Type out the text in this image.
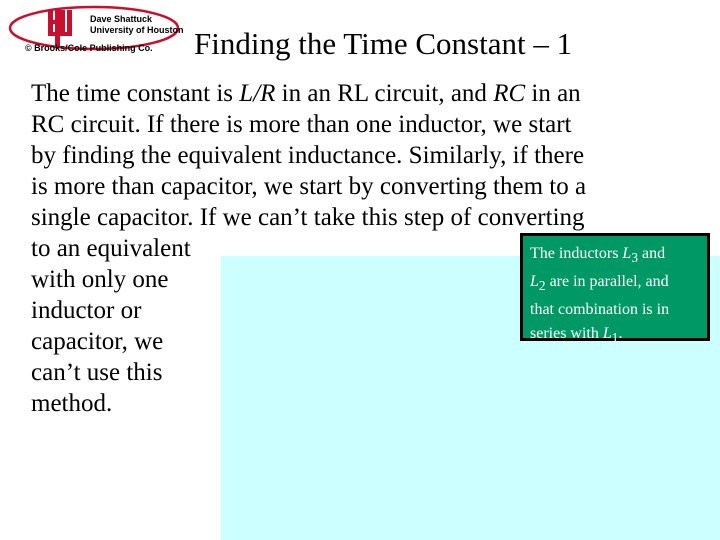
Dave Shattuck
University of Houston
© Brooks/Cole Publishing Co. Finding the Time Constant – 1

The time constant is L/R in an RL circuit, and RC in an

RC circuit. If there is more than one inductor, we start

by finding the equivalent inductance. Similarly, if there

is more than capacitor, we start by converting them to a

single capacitor. If we can’t take this step of converting

to an equivalent

with only one

inductor or

capacitor, we

can’t use this

method.

The inductors $L_3$ and
$L_2$ are in parallel, and
that combination is in
series with $L_1$.
